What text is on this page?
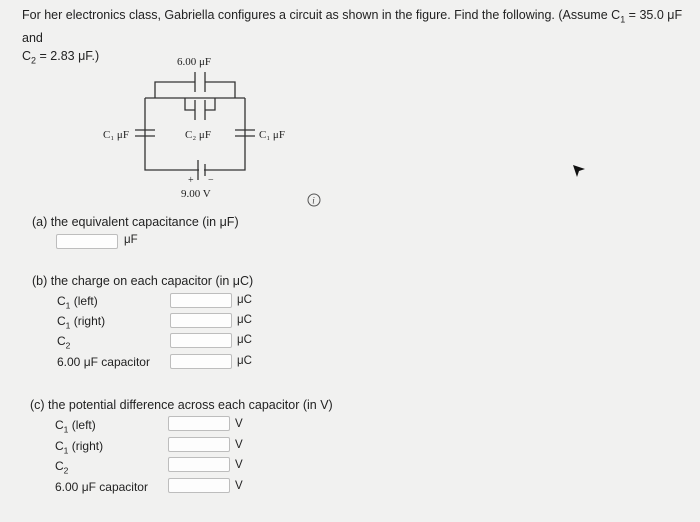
For her electronics class, Gabriella configures a circuit as shown in the figure. Find the following. (Assume $C_1 = 35.0$ μF and
$C_2 = 2.83$ μF.)	6.00 μF
C₁ μF	C₂ μF	C₁ μF
+ −
9.00 V
i
(a) the equivalent capacitance (in μF)
μF
(b) the charge on each capacitor (in μC)
$C_1$ (left)	μC
$C_1$ (right)	μC
$C_2$	μC
6.00 μF capacitor	μC
(c) the potential difference across each capacitor (in V)
$C_1$ (left)	V
$C_1$ (right)	V
$C_2$	V
6.00 μF capacitor	V
